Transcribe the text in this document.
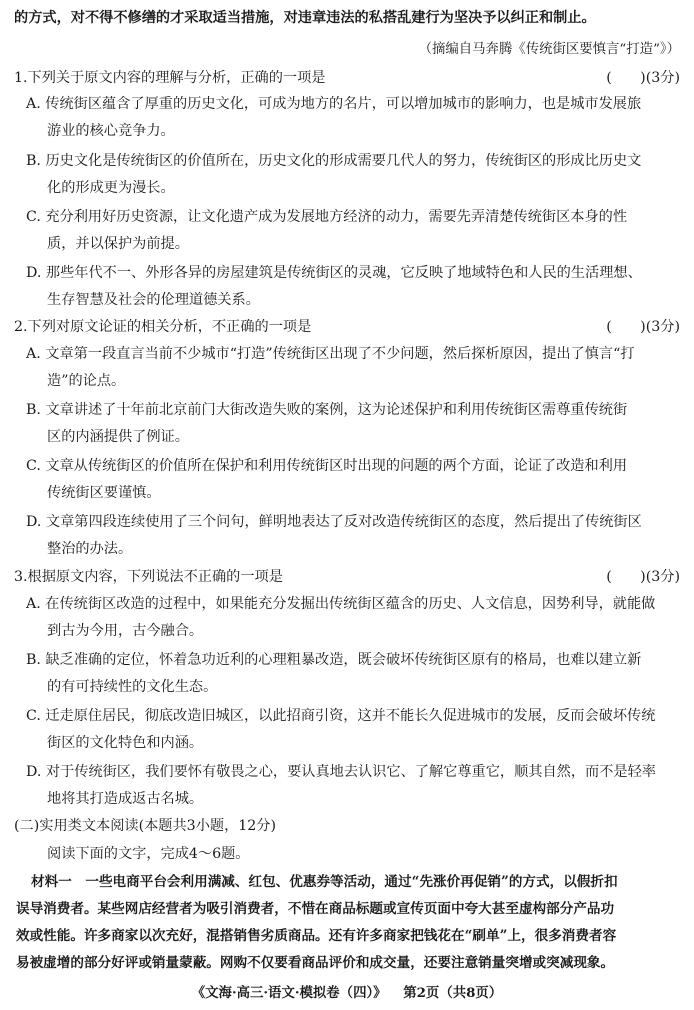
的方式，对不得不修缮的才采取适当措施，对违章违法的私搭乱建行为坚决予以纠正和制止。
（摘编自马奔腾《传统街区要慎言“打造”》）
1.下列关于原文内容的理解与分析，正确的一项是	(　　)(3分)
A. 传统街区蕴含了厚重的历史文化，可成为地方的名片，可以增加城市的影响力，也是城市发展旅
游业的核心竞争力。
B. 历史文化是传统街区的价值所在，历史文化的形成需要几代人的努力，传统街区的形成比历史文
化的形成更为漫长。
C. 充分利用好历史资源，让文化遗产成为发展地方经济的动力，需要先弄清楚传统街区本身的性
质，并以保护为前提。
D. 那些年代不一、外形各异的房屋建筑是传统街区的灵魂，它反映了地域特色和人民的生活理想、
生存智慧及社会的伦理道德关系。
2.下列对原文论证的相关分析，不正确的一项是	(　　)(3分)
A. 文章第一段直言当前不少城市“打造”传统街区出现了不少问题，然后探析原因，提出了慎言“打
造”的论点。
B. 文章讲述了十年前北京前门大街改造失败的案例，这为论述保护和利用传统街区需尊重传统街
区的内涵提供了例证。
C. 文章从传统街区的价值所在保护和利用传统街区时出现的问题的两个方面，论证了改造和利用
传统街区要谨慎。
D. 文章第四段连续使用了三个问句，鲜明地表达了反对改造传统街区的态度，然后提出了传统街区
整治的办法。
3.根据原文内容，下列说法不正确的一项是	(　　)(3分)
A. 在传统街区改造的过程中，如果能充分发掘出传统街区蕴含的历史、人文信息，因势利导，就能做
到古为今用，古今融合。
B. 缺乏准确的定位，怀着急功近利的心理粗暴改造，既会破坏传统街区原有的格局，也难以建立新
的有可持续性的文化生态。
C. 迁走原住居民，彻底改造旧城区，以此招商引资，这并不能长久促进城市的发展，反而会破坏传统
街区的文化特色和内涵。
D. 对于传统街区，我们要怀有敬畏之心，要认真地去认识它、了解它尊重它，顺其自然，而不是轻率
地将其打造成返古名城。
(二)实用类文本阅读(本题共3小题，12分)
阅读下面的文字，完成4～6题。
材料一　一些电商平台会利用满减、红包、优惠券等活动，通过“先涨价再促销”的方式，以假折扣
误导消费者。某些网店经营者为吸引消费者，不惜在商品标题或宣传页面中夸大甚至虚构部分产品功
效或性能。许多商家以次充好，混搭销售劣质商品。还有许多商家把钱花在“刷单”上，很多消费者容
易被虚增的部分好评或销量蒙蔽。网购不仅要看商品评价和成交量，还要注意销量突增或突减现象。
《文海·高三·语文·模拟卷（四）》 第2页（共8页）
